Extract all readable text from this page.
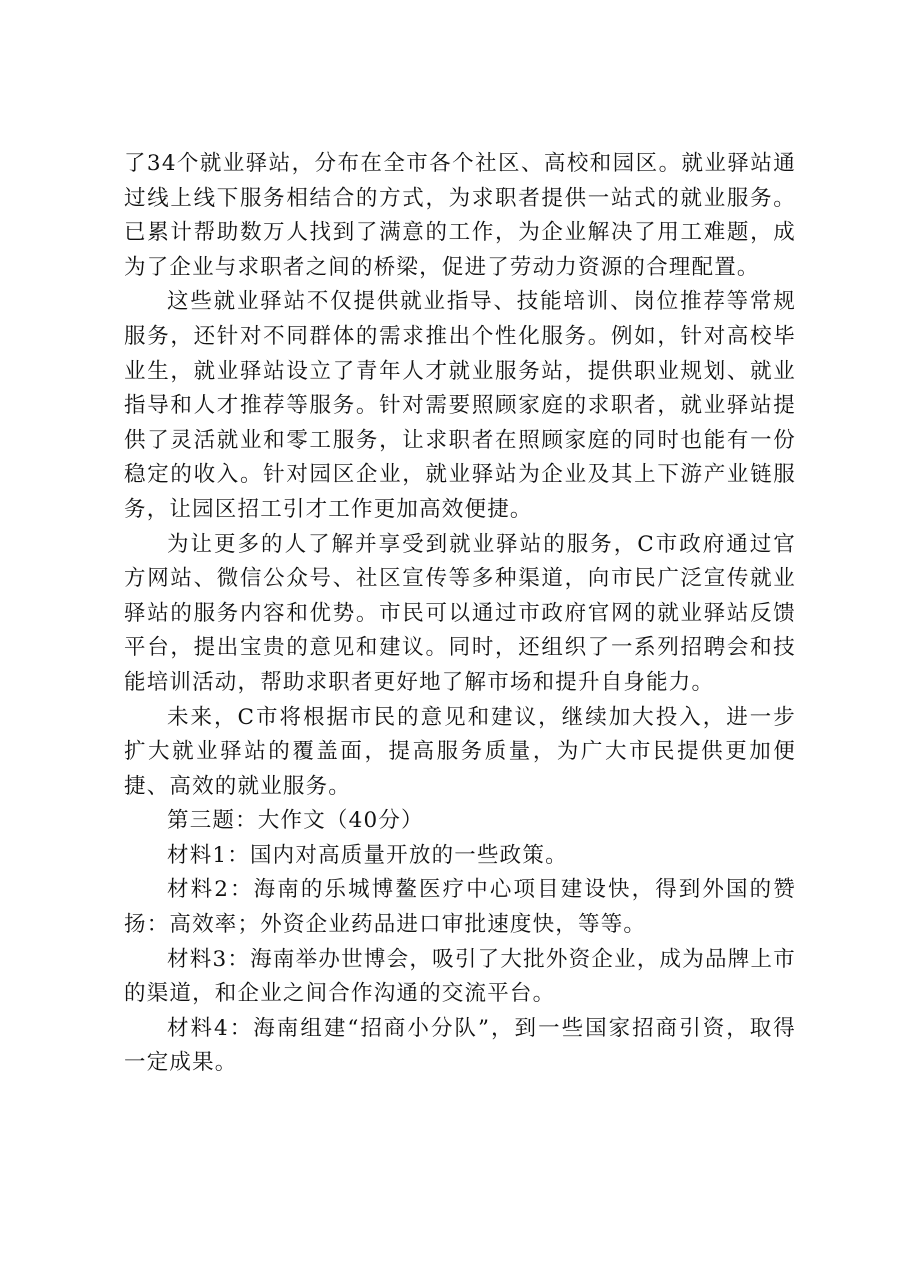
了34个就业驿站，分布在全市各个社区、高校和园区。就业驿站通过线上线下服务相结合的方式，为求职者提供一站式的就业服务。已累计帮助数万人找到了满意的工作，为企业解决了用工难题，成为了企业与求职者之间的桥梁，促进了劳动力资源的合理配置。

这些就业驿站不仅提供就业指导、技能培训、岗位推荐等常规服务，还针对不同群体的需求推出个性化服务。例如，针对高校毕业生，就业驿站设立了青年人才就业服务站，提供职业规划、就业指导和人才推荐等服务。针对需要照顾家庭的求职者，就业驿站提供了灵活就业和零工服务，让求职者在照顾家庭的同时也能有一份稳定的收入。针对园区企业，就业驿站为企业及其上下游产业链服务，让园区招工引才工作更加高效便捷。

为让更多的人了解并享受到就业驿站的服务，C市政府通过官方网站、微信公众号、社区宣传等多种渠道，向市民广泛宣传就业驿站的服务内容和优势。市民可以通过市政府官网的就业驿站反馈平台，提出宝贵的意见和建议。同时，还组织了一系列招聘会和技能培训活动，帮助求职者更好地了解市场和提升自身能力。

未来，C市将根据市民的意见和建议，继续加大投入，进一步扩大就业驿站的覆盖面，提高服务质量，为广大市民提供更加便捷、高效的就业服务。

第三题：大作文（40分）

材料1：国内对高质量开放的一些政策。

材料2：海南的乐城博鳌医疗中心项目建设快，得到外国的赞扬：高效率；外资企业药品进口审批速度快，等等。

材料3：海南举办世博会，吸引了大批外资企业，成为品牌上市的渠道，和企业之间合作沟通的交流平台。

材料4：海南组建“招商小分队”，到一些国家招商引资，取得一定成果。
